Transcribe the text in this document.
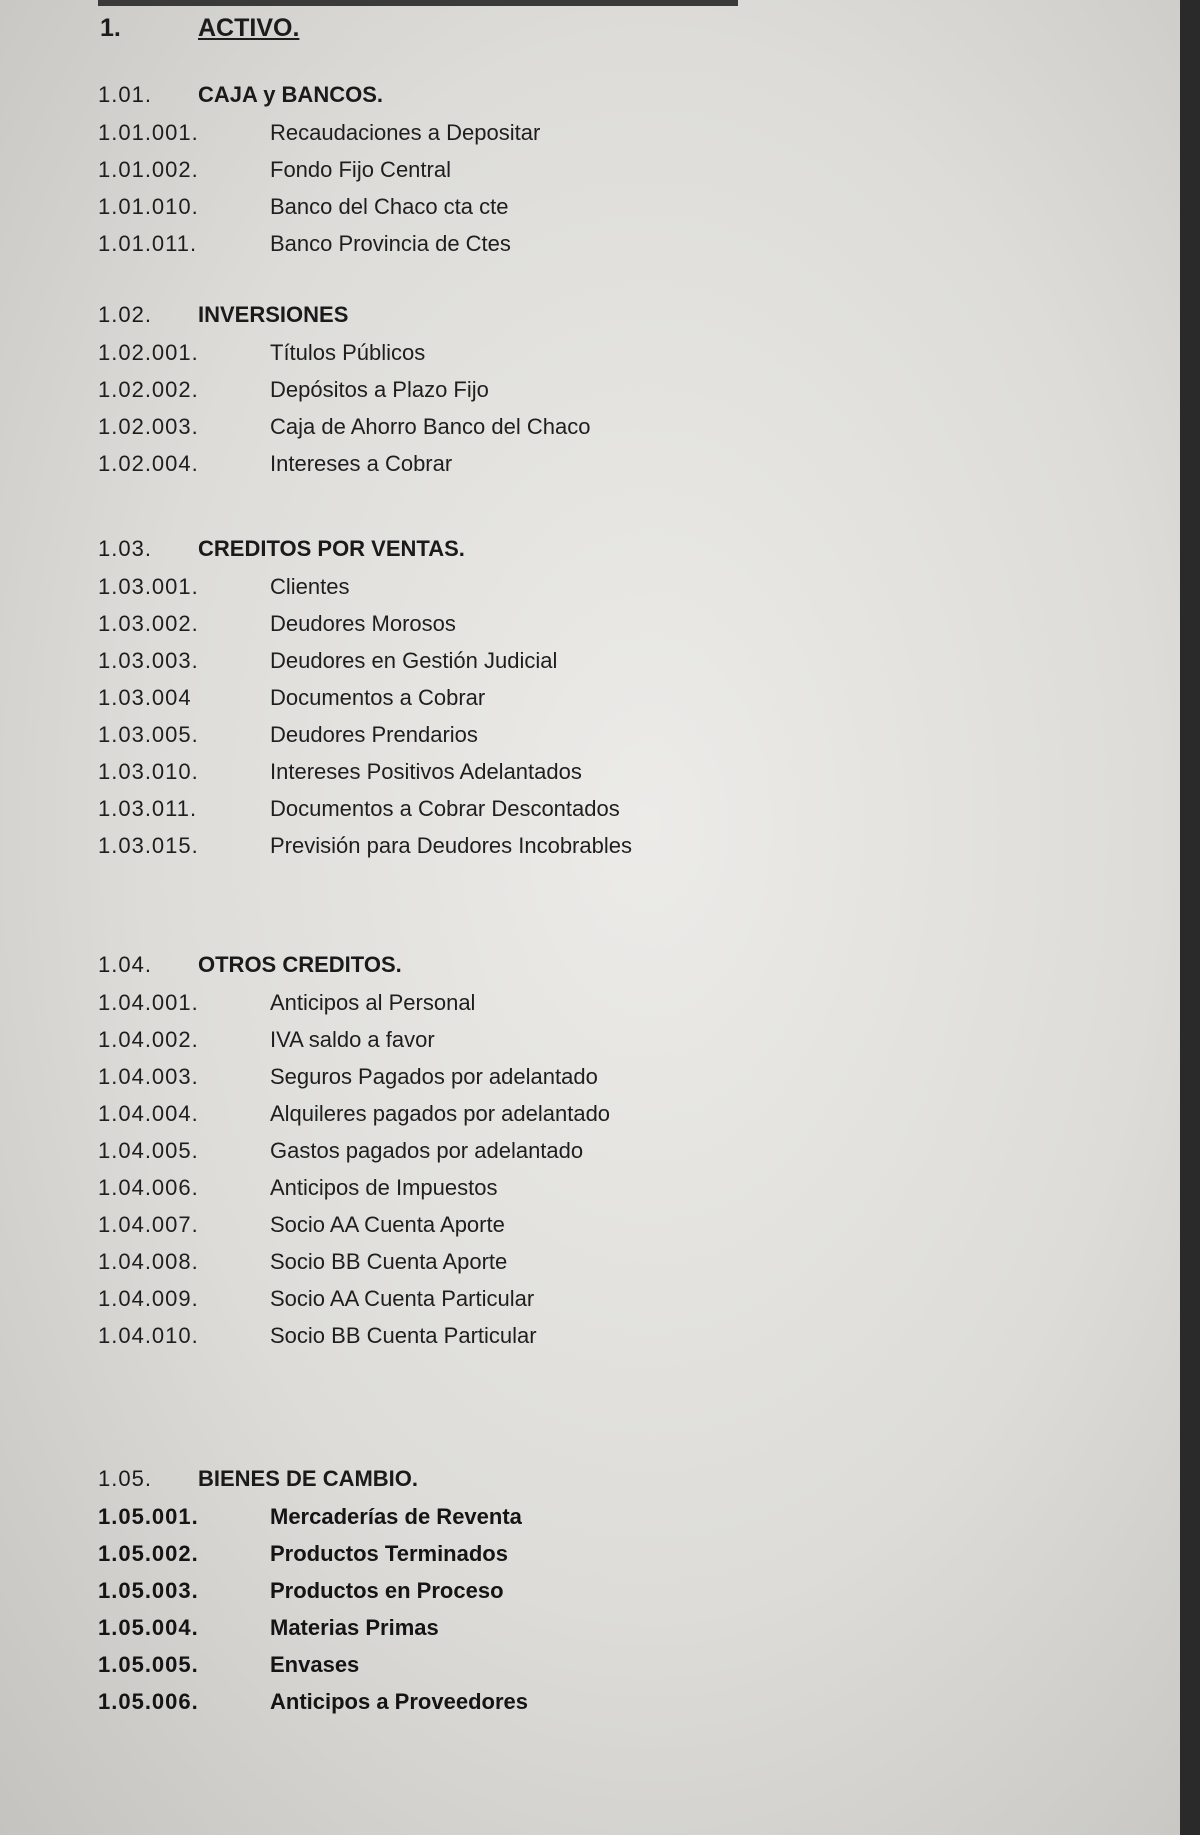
1.	ACTIVO.
1.01.	CAJA y BANCOS.
1.01.001.	Recaudaciones a Depositar
1.01.002.	Fondo Fijo Central
1.01.010.	Banco del Chaco cta cte
1.01.011.	Banco Provincia de Ctes
1.02.	INVERSIONES
1.02.001.	Títulos Públicos
1.02.002.	Depósitos a Plazo Fijo
1.02.003.	Caja de Ahorro Banco del Chaco
1.02.004.	Intereses a Cobrar
1.03.	CREDITOS POR VENTAS.
1.03.001.	Clientes
1.03.002.	Deudores Morosos
1.03.003.	Deudores en Gestión Judicial
1.03.004	Documentos a Cobrar
1.03.005.	Deudores Prendarios
1.03.010.	Intereses Positivos Adelantados
1.03.011.	Documentos a Cobrar Descontados
1.03.015.	Previsión para Deudores Incobrables
1.04.	OTROS CREDITOS.
1.04.001.	Anticipos al Personal
1.04.002.	IVA saldo a favor
1.04.003.	Seguros Pagados por adelantado
1.04.004.	Alquileres pagados por adelantado
1.04.005.	Gastos pagados por adelantado
1.04.006.	Anticipos de Impuestos
1.04.007.	Socio AA Cuenta Aporte
1.04.008.	Socio BB Cuenta Aporte
1.04.009.	Socio AA Cuenta Particular
1.04.010.	Socio BB Cuenta Particular
1.05.	BIENES DE CAMBIO.
1.05.001.	Mercaderías de Reventa
1.05.002.	Productos Terminados
1.05.003.	Productos en Proceso
1.05.004.	Materias Primas
1.05.005.	Envases
1.05.006.	Anticipos a Proveedores
